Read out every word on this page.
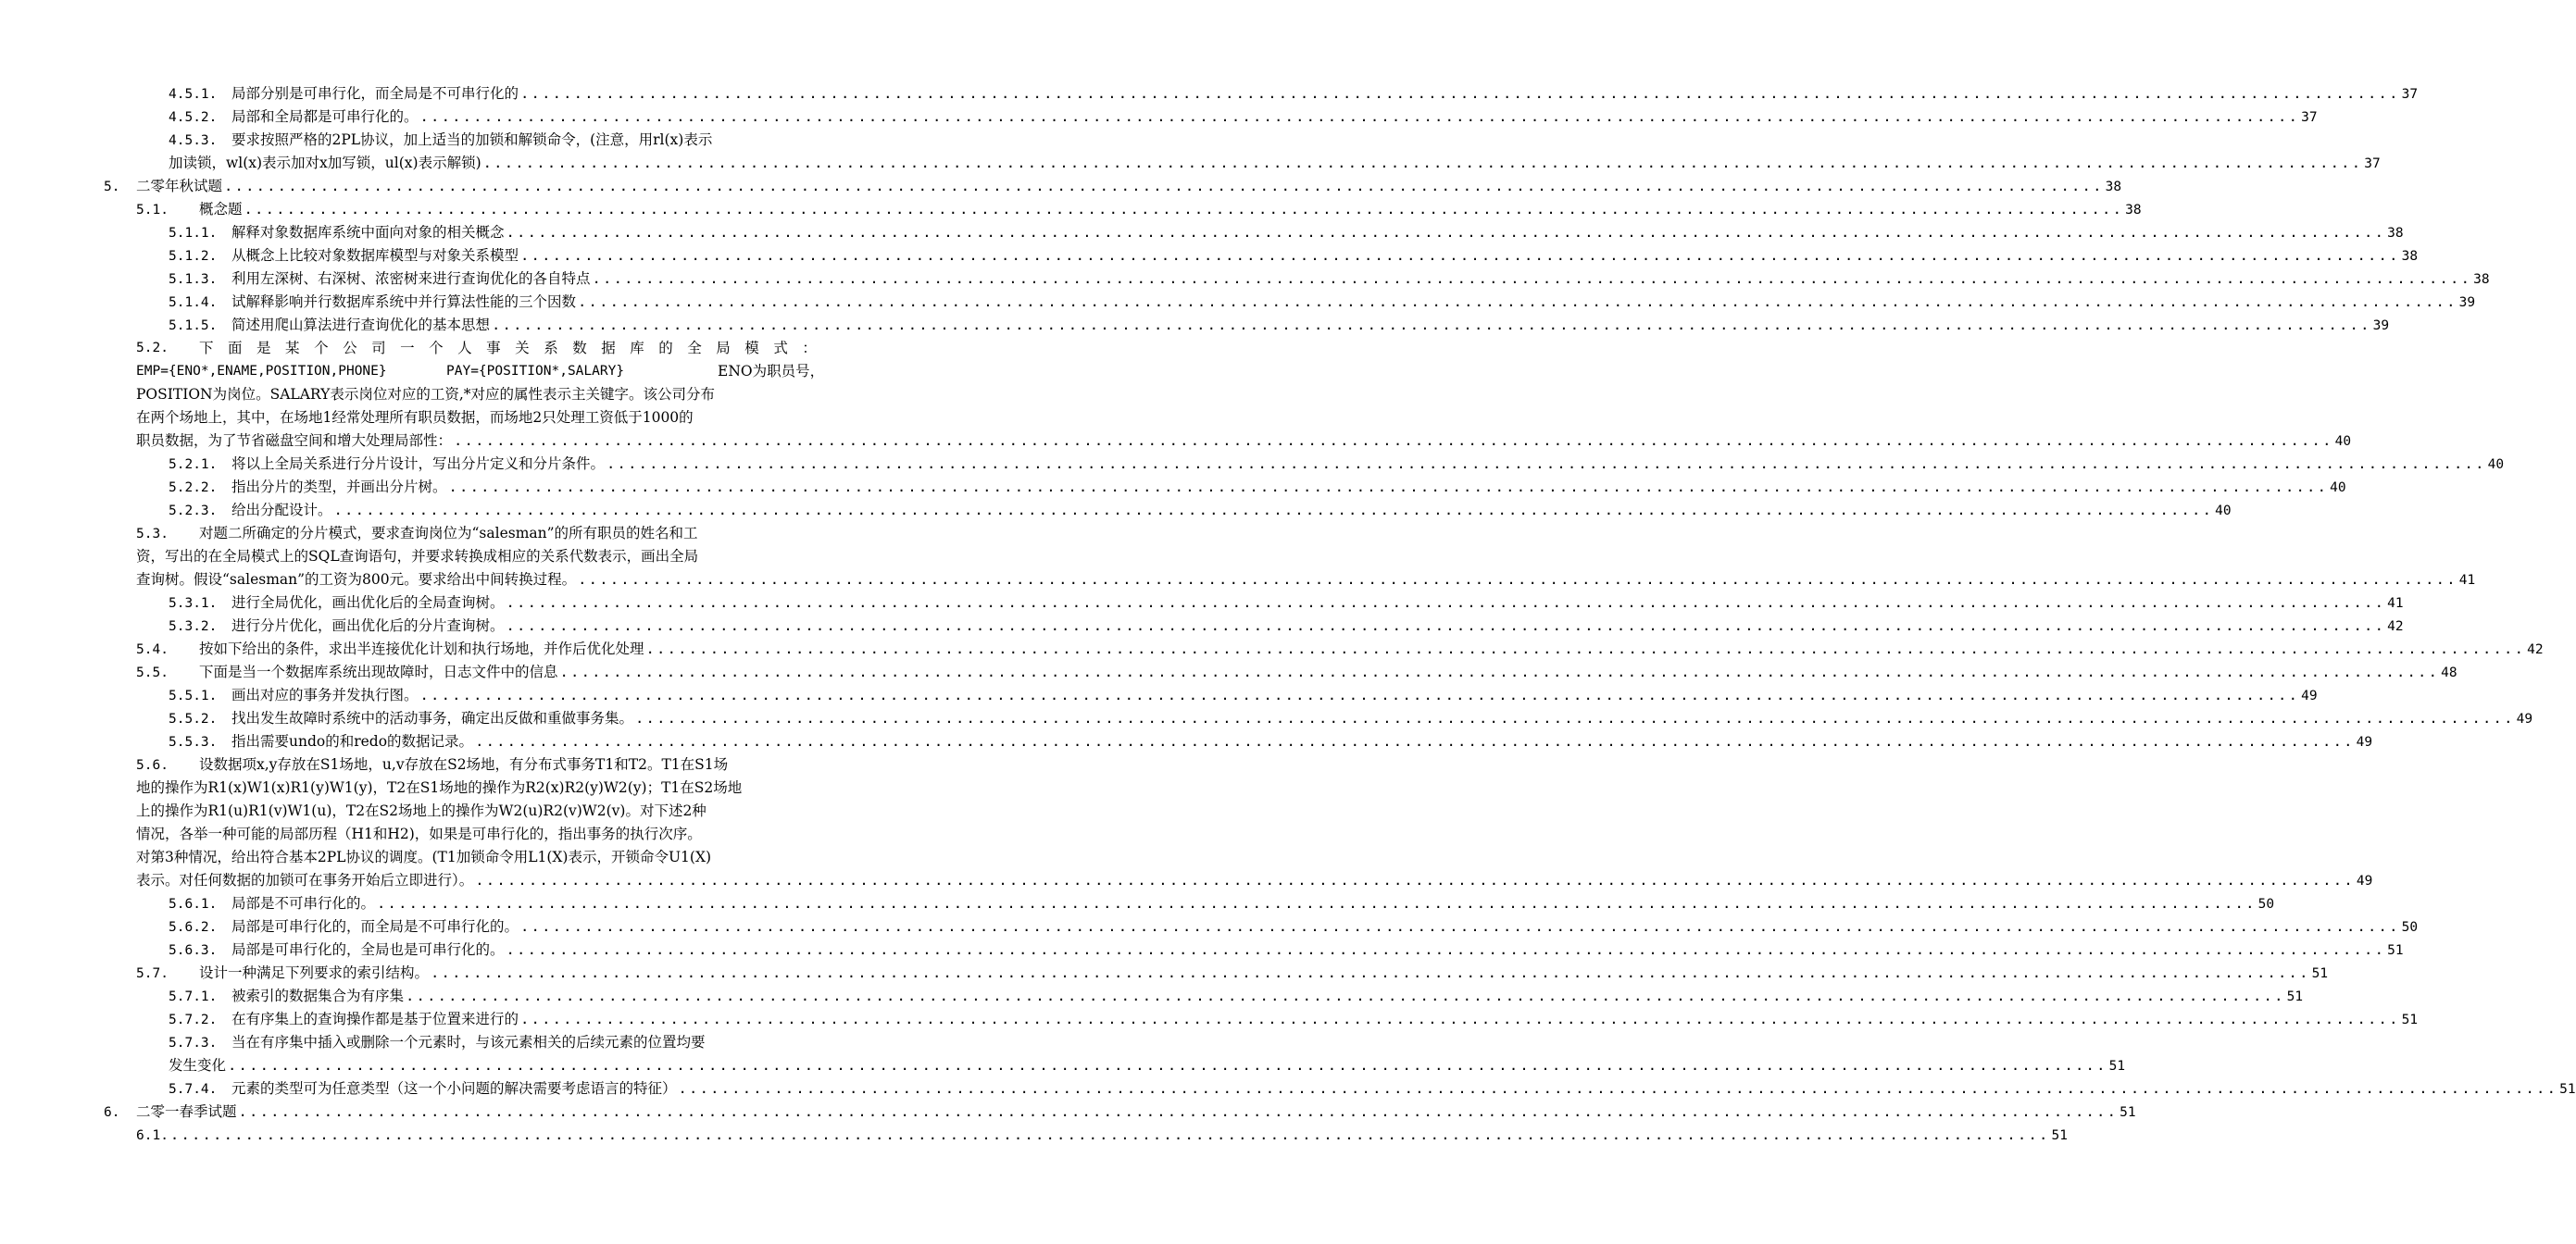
4.5.1.	局部分别是可串行化，而全局是不可串行化的 .....	37
4.5.2.	局部和全局都是可串行化的。 .....	37
4.5.3. 要求按照严格的2PL协议，加上适当的加锁和解锁命令，(注意，用rl(x)表示
加读锁，wl(x)表示加对x加写锁，ul(x)表示解锁) .....	37
5.	二零年秋试题 .....	38
5.1.	概念题 .....	38
5.1.1.	解释对象数据库系统中面向对象的相关概念 .....	38
5.1.2.	从概念上比较对象数据库模型与对象关系模型 .....	38
5.1.3.	利用左深树、右深树、浓密树来进行查询优化的各自特点 .....	38
5.1.4.	试解释影响并行数据库系统中并行算法性能的三个因数 .....	39
5.1.5.	简述用爬山算法进行查询优化的基本思想 .....	39
5.2.	下 面 是 某 个 公 司 一 个 人 事 关 系 数 据 库 的 全 局 模 式 ：
EMP={ENO*,ENAME,POSITION,PHONE}	PAY={POSITION*,SALARY}	ENO为职员号，
POSITION为岗位。SALARY表示岗位对应的工资,*对应的属性表示主关键字。该公司分布
在两个场地上，其中，在场地1经常处理所有职员数据，而场地2只处理工资低于1000的
职员数据，为了节省磁盘空间和增大处理局部性： .....	40
5.2.1.	将以上全局关系进行分片设计，写出分片定义和分片条件。 .....	40
5.2.2.	指出分片的类型，并画出分片树。 .....	40
5.2.3.	给出分配设计。 .....	40
5.3. 对题二所确定的分片模式，要求查询岗位为“salesman”的所有职员的姓名和工
资，写出的在全局模式上的SQL查询语句，并要求转换成相应的关系代数表示，画出全局
查询树。假设“salesman”的工资为800元。要求给出中间转换过程。 .....	41
5.3.1.	进行全局优化，画出优化后的全局查询树。 .....	41
5.3.2.	进行分片优化，画出优化后的分片查询树。 .....	42
5.4.	按如下给出的条件，求出半连接优化计划和执行场地，并作后优化处理 .....	42
5.5.	下面是当一个数据库系统出现故障时，日志文件中的信息 .....	48
5.5.1.	画出对应的事务并发执行图。 .....	49
5.5.2.	找出发生故障时系统中的活动事务，确定出反做和重做事务集。 .....	49
5.5.3.	指出需要undo的和redo的数据记录。 .....	49
5.6. 设数据项x,y存放在S1场地，u,v存放在S2场地，有分布式事务T1和T2。T1在S1场
地的操作为R1(x)W1(x)R1(y)W1(y)，T2在S1场地的操作为R2(x)R2(y)W2(y)；T1在S2场地
上的操作为R1(u)R1(v)W1(u)，T2在S2场地上的操作为W2(u)R2(v)W2(v)。对下述2种
情况，各举一种可能的局部历程（H1和H2)，如果是可串行化的，指出事务的执行次序。
对第3种情况，给出符合基本2PL协议的调度。(T1加锁命令用L1(X)表示，开锁命令U1(X)
表示。对任何数据的加锁可在事务开始后立即进行）。 .....	49
5.6.1.	局部是不可串行化的。 .....	50
5.6.2.	局部是可串行化的，而全局是不可串行化的。 .....	50
5.6.3.	局部是可串行化的，全局也是可串行化的。 .....	51
5.7.	设计一种满足下列要求的索引结构。 .....	51
5.7.1.	被索引的数据集合为有序集 .....	51
5.7.2.	在有序集上的查询操作都是基于位置来进行的 .....	51
5.7.3. 当在有序集中插入或删除一个元素时，与该元素相关的后续元素的位置均要
发生变化 .....	51
5.7.4.	元素的类型可为任意类型（这一个小问题的解决需要考虑语言的特征） .....	51
6.	二零一春季试题 .....	51
6.1. .....	51
